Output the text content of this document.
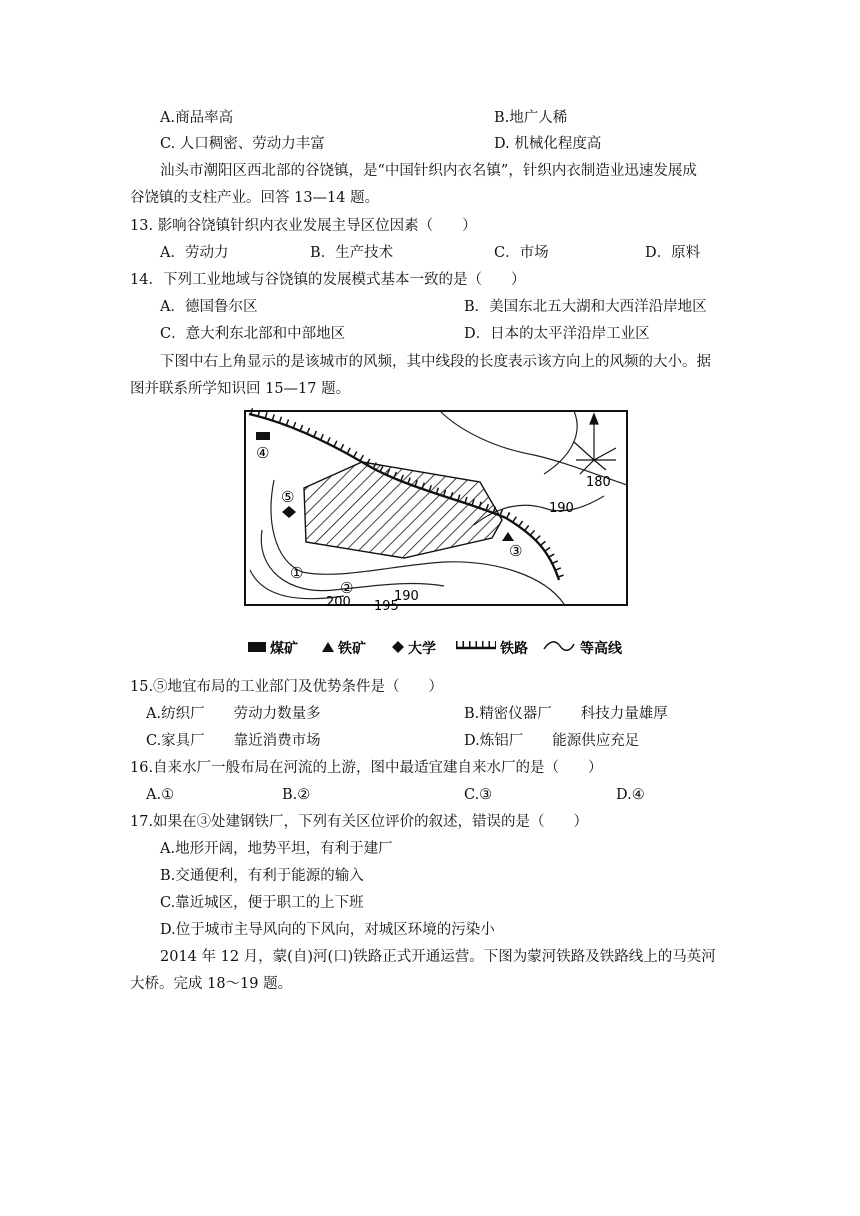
A.商品率高	B.地广人稀
C. 人口稠密、劳动力丰富	D. 机械化程度高
汕头市潮阳区西北部的谷饶镇，是“中国针织内衣名镇”，针织内衣制造业迅速发展成
谷饶镇的支柱产业。回答 13—14 题。
13. 影响谷饶镇针织内衣业发展主导区位因素（　　）
A．劳动力	B．生产技术	C．市场	D．原料
14．下列工业地域与谷饶镇的发展模式基本一致的是（　　）
A．德国鲁尔区	B．美国东北五大湖和大西洋沿岸地区
C．意大利东北部和中部地区	D．日本的太平洋沿岸工业区
下图中右上角显示的是该城市的风频，其中线段的长度表示该方向上的风频的大小。据
图并联系所学知识回 15—17 题。
④
⑤
③
①
②
180
190
190
195
200
煤矿	铁矿	大学	铁路	等高线
15.⑤地宜布局的工业部门及优势条件是（　　）
A.纺织厂　　劳动力数量多	B.精密仪器厂　　科技力量雄厚
C.家具厂　　靠近消费市场	D.炼铝厂　　能源供应充足
16.自来水厂一般布局在河流的上游，图中最适宜建自来水厂的是（　　）
A.①	B.②	C.③	D.④
17.如果在③处建钢铁厂，下列有关区位评价的叙述，错误的是（　　）
A.地形开阔，地势平坦，有利于建厂
B.交通便利，有利于能源的输入
C.靠近城区，便于职工的上下班
D.位于城市主导风向的下风向，对城区环境的污染小
2014 年 12 月，蒙(自)河(口)铁路正式开通运营。下图为蒙河铁路及铁路线上的马英河
大桥。完成 18～19 题。
